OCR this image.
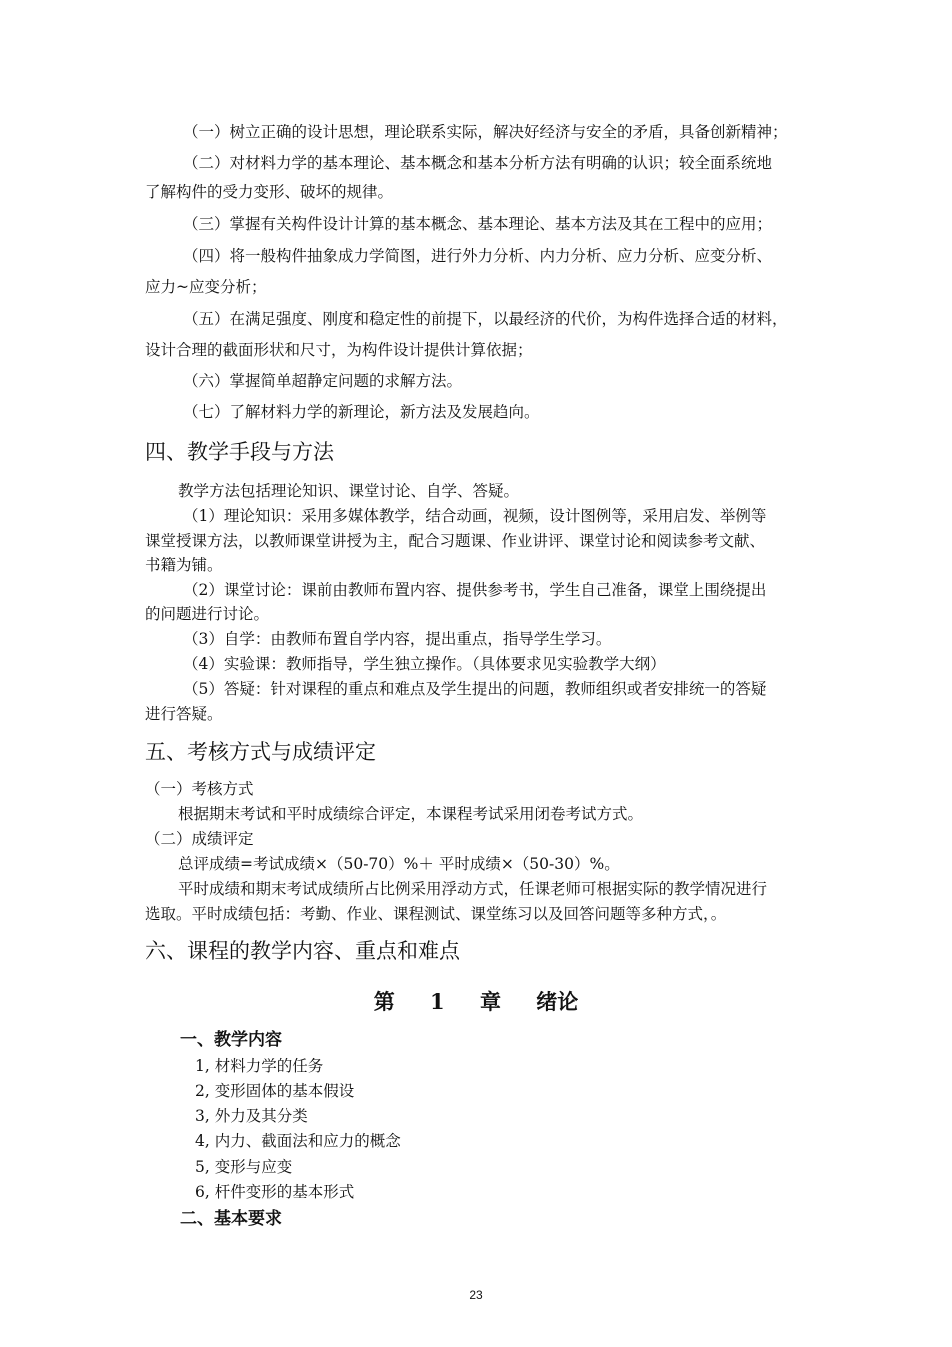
（一）树立正确的设计思想，理论联系实际，解决好经济与安全的矛盾，具备创新精神；
（二）对材料力学的基本理论、基本概念和基本分析方法有明确的认识；较全面系统地
了解构件的受力变形、破坏的规律。
（三）掌握有关构件设计计算的基本概念、基本理论、基本方法及其在工程中的应用；
（四）将一般构件抽象成力学简图，进行外力分析、内力分析、应力分析、应变分析、
应力~应变分析；
（五）在满足强度、刚度和稳定性的前提下，以最经济的代价，为构件选择合适的材料，
设计合理的截面形状和尺寸，为构件设计提供计算依据；
（六）掌握简单超静定问题的求解方法。
（七）了解材料力学的新理论，新方法及发展趋向。
四、教学手段与方法
教学方法包括理论知识、课堂讨论、自学、答疑。
（1）理论知识：采用多媒体教学，结合动画，视频，设计图例等，采用启发、举例等
课堂授课方法，以教师课堂讲授为主，配合习题课、作业讲评、课堂讨论和阅读参考文献、
书籍为铺。
（2）课堂讨论：课前由教师布置内容、提供参考书，学生自己准备，课堂上围绕提出
的问题进行讨论。
（3）自学：由教师布置自学内容，提出重点，指导学生学习。
（4）实验课：教师指导，学生独立操作。（具体要求见实验教学大纲）
（5）答疑：针对课程的重点和难点及学生提出的问题，教师组织或者安排统一的答疑
进行答疑。
五、考核方式与成绩评定
（一）考核方式
根据期末考试和平时成绩综合评定，本课程考试采用闭卷考试方式。
（二）成绩评定
总评成绩=考试成绩×（50-70）%＋ 平时成绩×（50-30）%。
平时成绩和期末考试成绩所占比例采用浮动方式，任课老师可根据实际的教学情况进行
选取。平时成绩包括：考勤、作业、课程测试、课堂练习以及回答问题等多种方式，。
六、课程的教学内容、重点和难点
第 1 章 绪论
一、教学内容
1, 材料力学的任务
2, 变形固体的基本假设
3, 外力及其分类
4, 内力、截面法和应力的概念
5, 变形与应变
6, 杆件变形的基本形式
二、基本要求
23
